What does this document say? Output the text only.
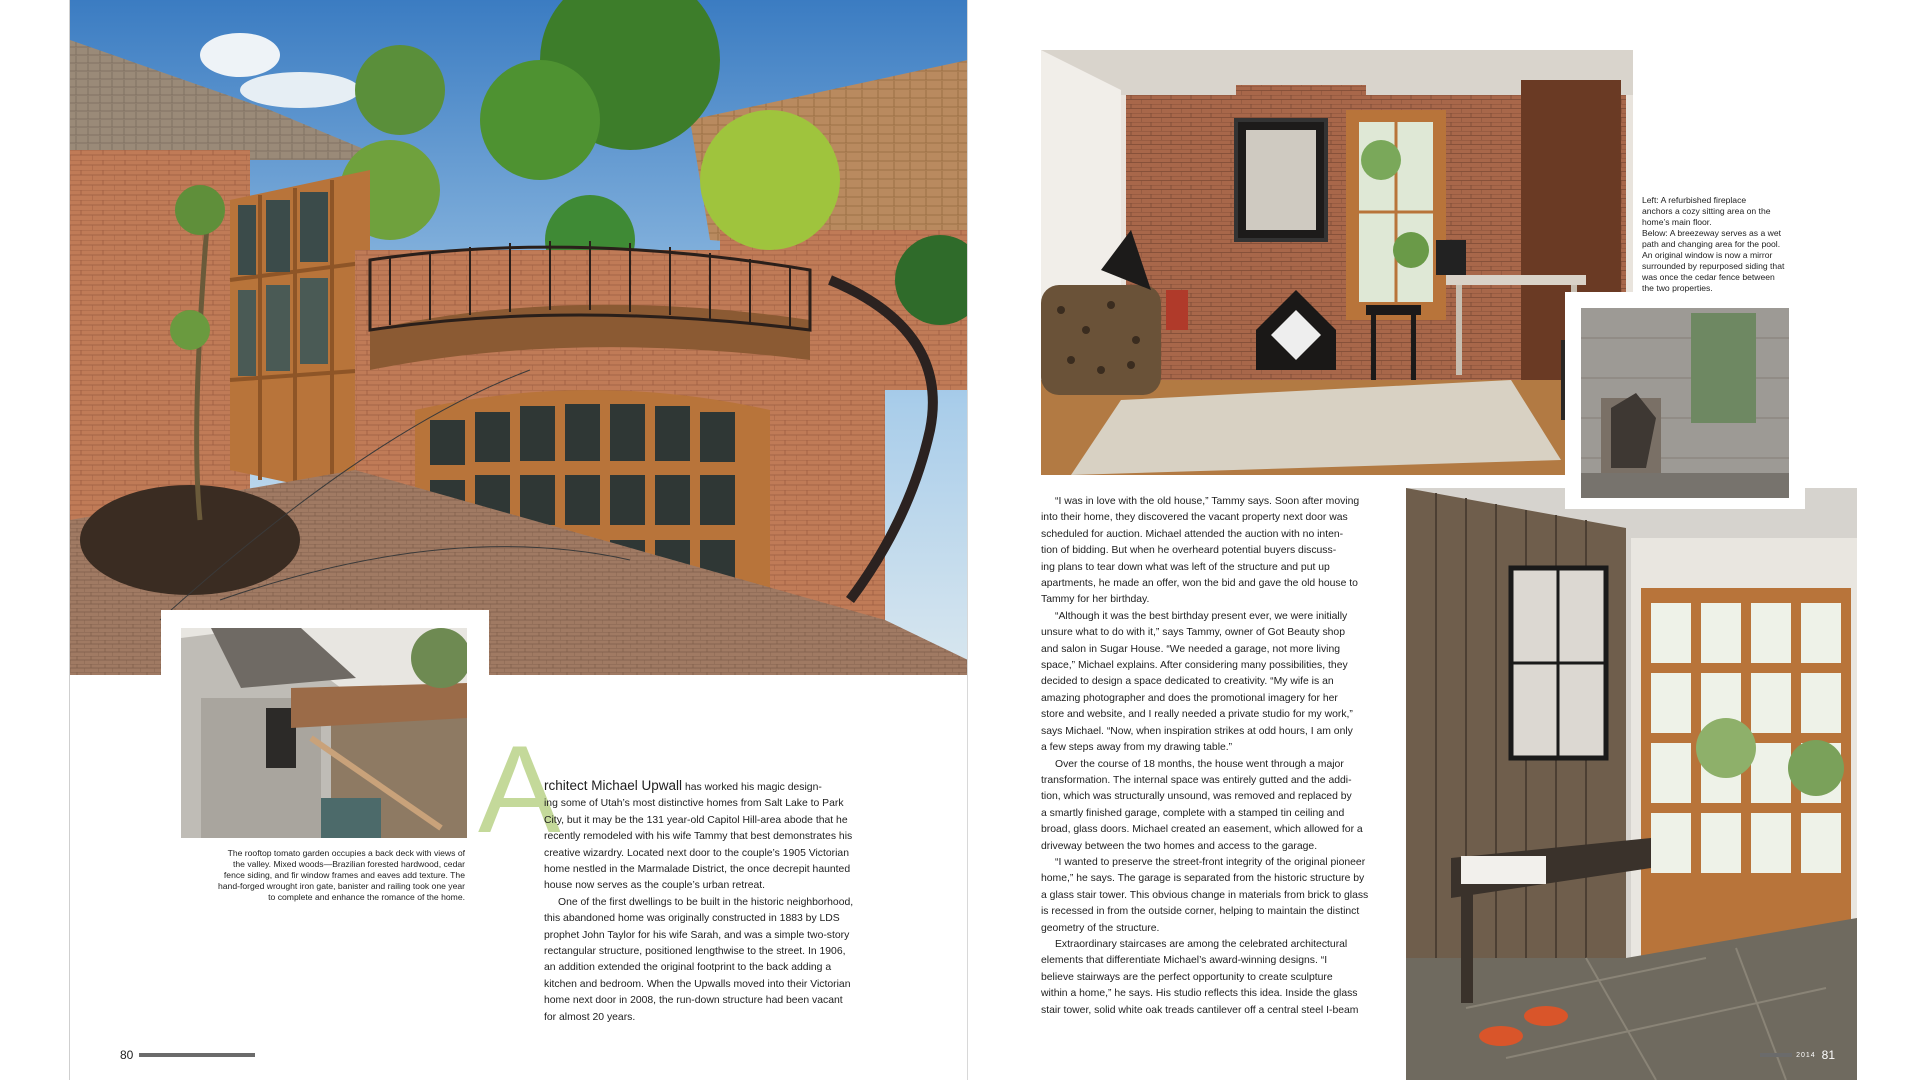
The rooftop tomato garden occupies a back deck with views of
the valley. Mixed woods—Brazilian forested hardwood, cedar
fence siding, and fir window frames and eaves add texture. The
hand-forged wrought iron gate, banister and railing took one year
to complete and enhance the romance of the home.
A

rchitect Michael Upwall has worked his magic design-

ing some of Utah’s most distinctive homes from Salt Lake to Park

City, but it may be the 131 year-old Capitol Hill-area abode that he

recently remodeled with his wife Tammy that best demonstrates his

creative wizardry. Located next door to the couple’s 1905 Victorian

home nestled in the Marmalade District, the once decrepit haunted

house now serves as the couple’s urban retreat.

One of the first dwellings to be built in the historic neighborhood,

this abandoned home was originally constructed in 1883 by LDS

prophet John Taylor for his wife Sarah, and was a simple two-story

rectangular structure, positioned lengthwise to the street. In 1906,

an addition extended the original footprint to the back adding a

kitchen and bedroom. When the Upwalls moved into their Victorian

home next door in 2008, the run-down structure had been vacant

for almost 20 years.

80
Left: A refurbished fireplace
anchors a cozy sitting area on the
home’s main floor.
Below: A breezeway serves as a wet
path and changing area for the pool.
An original window is now a mirror
surrounded by repurposed siding that
was once the cedar fence between
the two properties.

“I was in love with the old house,” Tammy says. Soon after moving

into their home, they discovered the vacant property next door was

scheduled for auction. Michael attended the auction with no inten-

tion of bidding. But when he overheard potential buyers discuss-

ing plans to tear down what was left of the structure and put up

apartments, he made an offer, won the bid and gave the old house to

Tammy for her birthday.

“Although it was the best birthday present ever, we were initially

unsure what to do with it,” says Tammy, owner of Got Beauty shop

and salon in Sugar House. “We needed a garage, not more living

space,” Michael explains. After considering many possibilities, they

decided to design a space dedicated to creativity. “My wife is an

amazing photographer and does the promotional imagery for her

store and website, and I really needed a private studio for my work,”

says Michael. “Now, when inspiration strikes at odd hours, I am only

a few steps away from my drawing table.”

Over the course of 18 months, the house went through a major

transformation. The internal space was entirely gutted and the addi-

tion, which was structurally unsound, was removed and replaced by

a smartly finished garage, complete with a stamped tin ceiling and

broad, glass doors. Michael created an easement, which allowed for a

driveway between the two homes and access to the garage.

“I wanted to preserve the street-front integrity of the original pioneer

home,” he says. The garage is separated from the historic structure by

a glass stair tower. This obvious change in materials from brick to glass

is recessed in from the outside corner, helping to maintain the distinct

geometry of the structure.

Extraordinary staircases are among the celebrated architectural

elements that differentiate Michael’s award-winning designs. “I

believe stairways are the perfect opportunity to create sculpture

within a home,” he says. His studio reflects this idea. Inside the glass

stair tower, solid white oak treads cantilever off a central steel I-beam

2014 81
